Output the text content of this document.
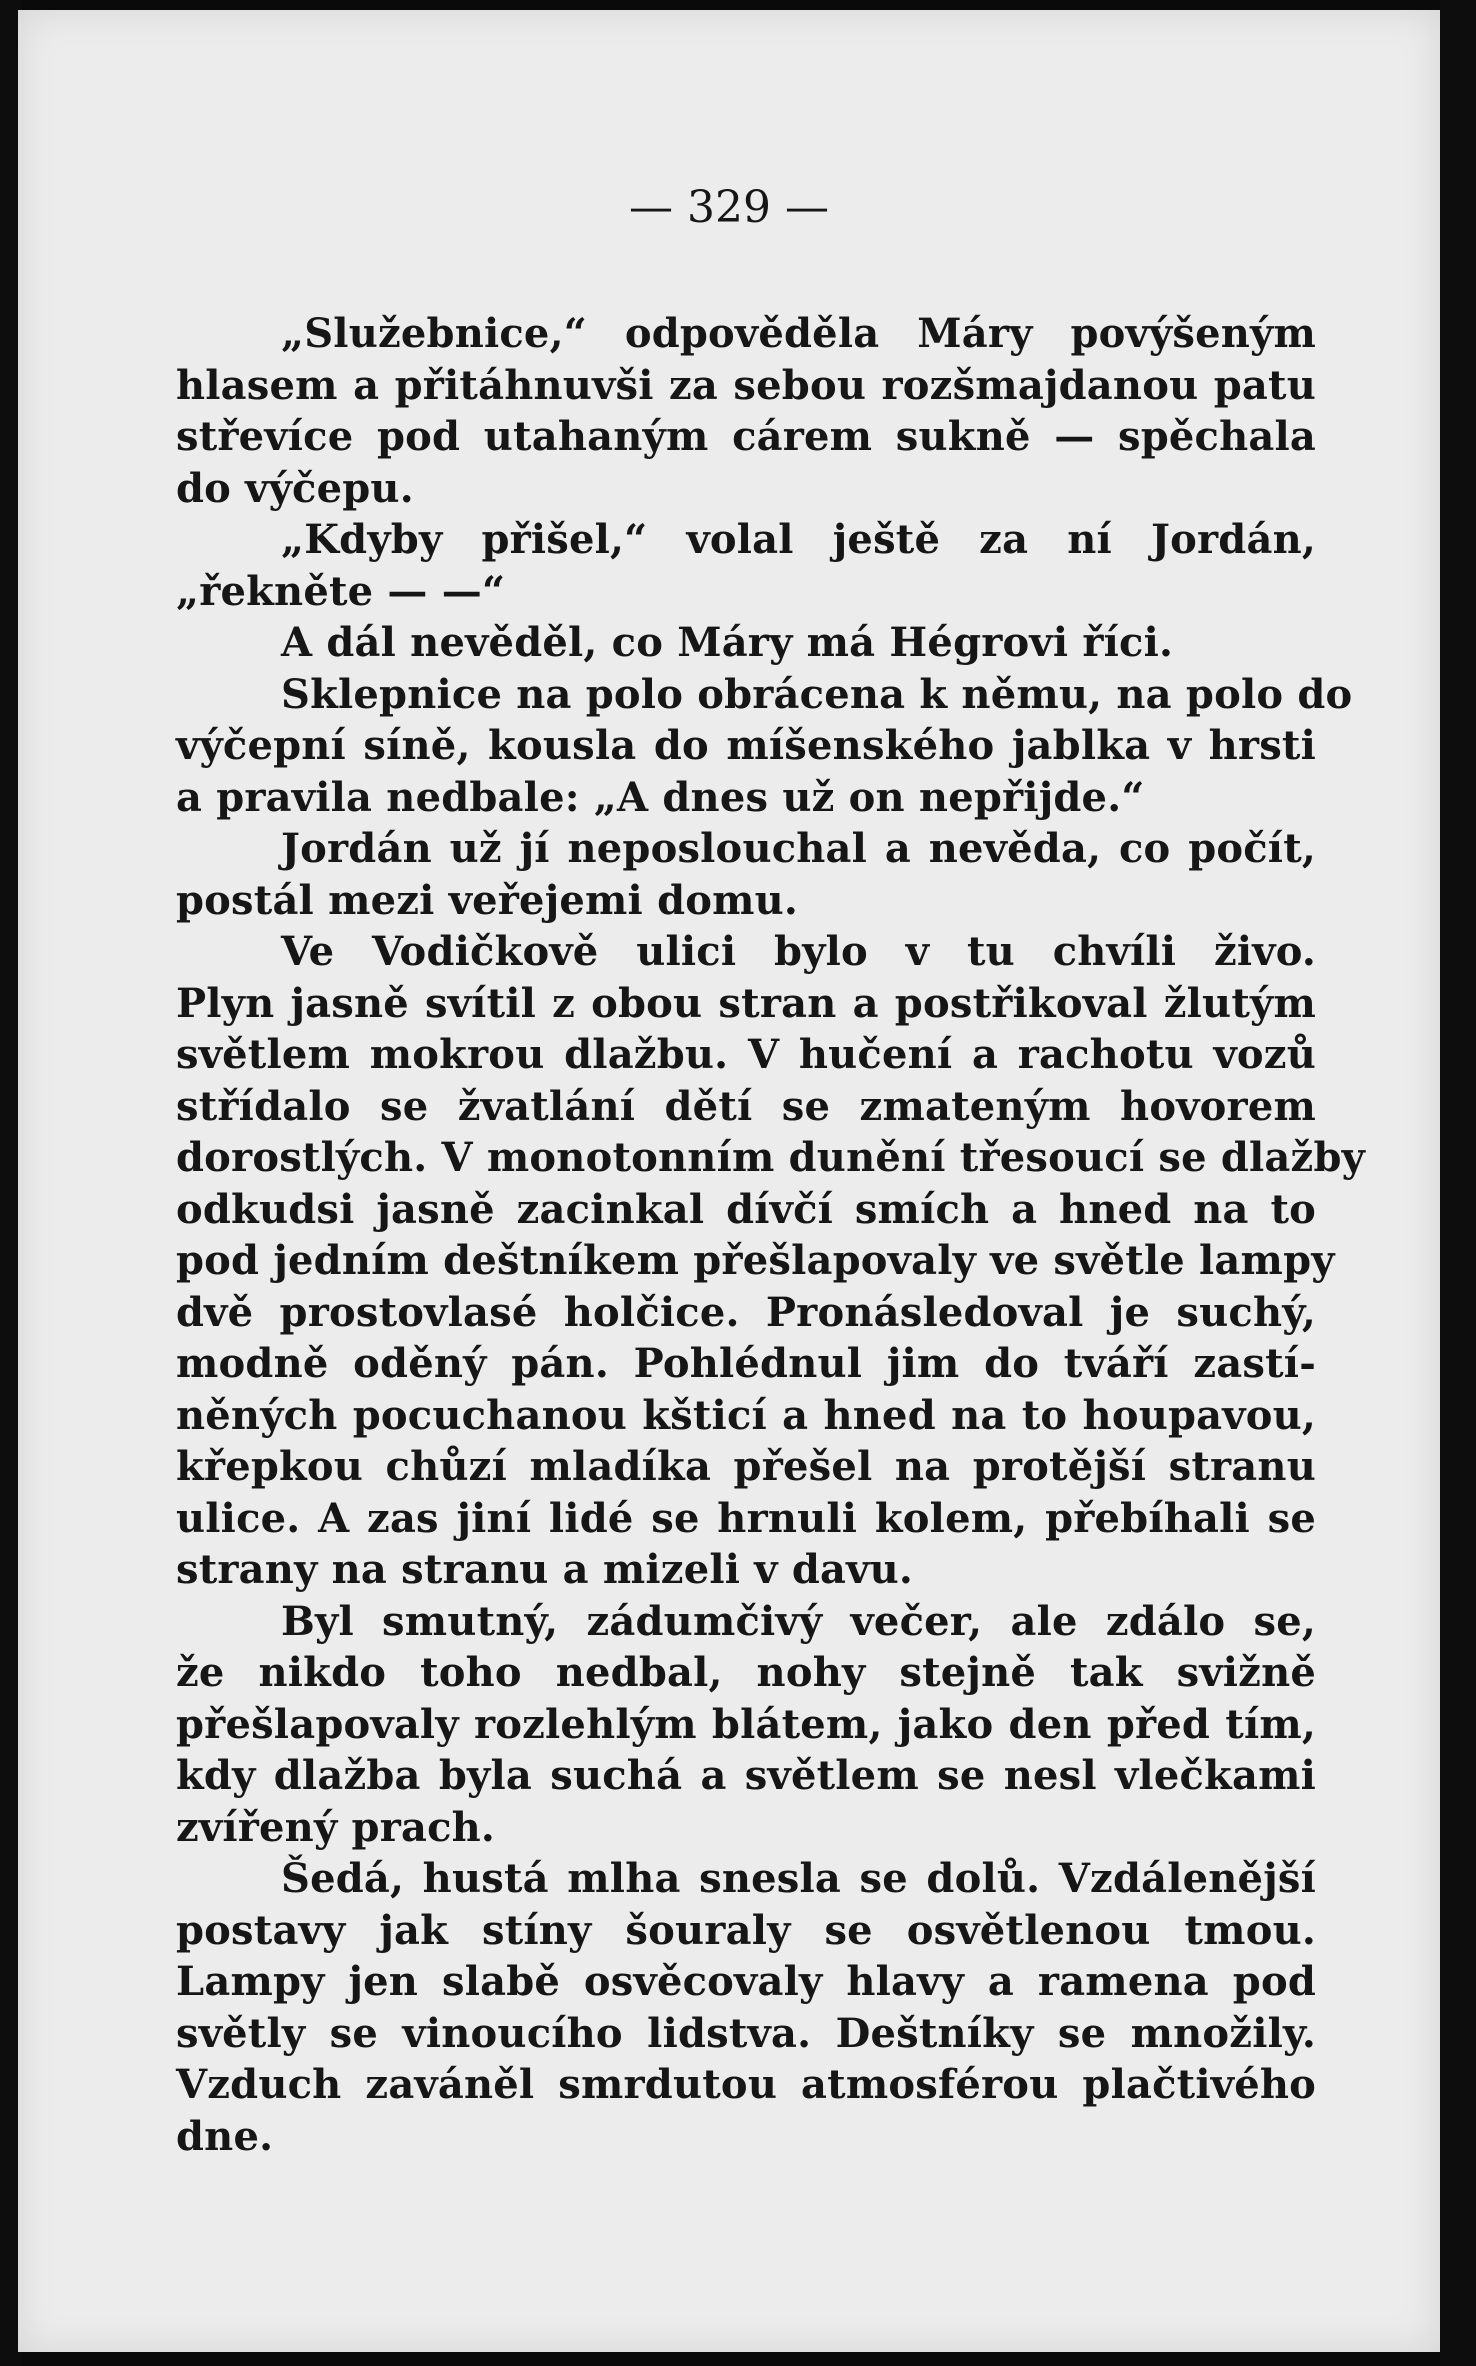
— 329 —

„Služebnice,“ odpověděla Máry povýšeným
hlasem a přitáhnuvši za sebou rozšmajdanou patu
střevíce pod utahaným cárem sukně — spěchala
do výčepu.
„Kdyby přišel,“ volal ještě za ní Jordán,
„řekněte — —“
A dál nevěděl, co Máry má Hégrovi říci.
Sklepnice na polo obrácena k němu, na polo do
výčepní síně, kousla do míšenského jablka v hrsti
a pravila nedbale: „A dnes už on nepřijde.“
Jordán už jí neposlouchal a nevěda, co počít,
postál mezi veřejemi domu.
Ve Vodičkově ulici bylo v tu chvíli živo.
Plyn jasně svítil z obou stran a postřikoval žlutým
světlem mokrou dlažbu. V hučení a rachotu vozů
střídalo se žvatlání dětí se zmateným hovorem
dorostlých. V monotonním dunění třesoucí se dlažby
odkudsi jasně zacinkal dívčí smích a hned na to
pod jedním deštníkem přešlapovaly ve světle lampy
dvě prostovlasé holčice. Pronásledoval je suchý,
modně oděný pán. Pohlédnul jim do tváří zastí-
něných pocuchanou kšticí a hned na to houpavou,
křepkou chůzí mladíka přešel na protější stranu
ulice. A zas jiní lidé se hrnuli kolem, přebíhali se
strany na stranu a mizeli v davu.
Byl smutný, zádumčivý večer, ale zdálo se,
že nikdo toho nedbal, nohy stejně tak svižně
přešlapovaly rozlehlým blátem, jako den před tím,
kdy dlažba byla suchá a světlem se nesl vlečkami
zvířený prach.
Šedá, hustá mlha snesla se dolů. Vzdálenější
postavy jak stíny šouraly se osvětlenou tmou.
Lampy jen slabě osvěcovaly hlavy a ramena pod
světly se vinoucího lidstva. Deštníky se množily.
Vzduch zaváněl smrdutou atmosférou plačtivého
dne.
